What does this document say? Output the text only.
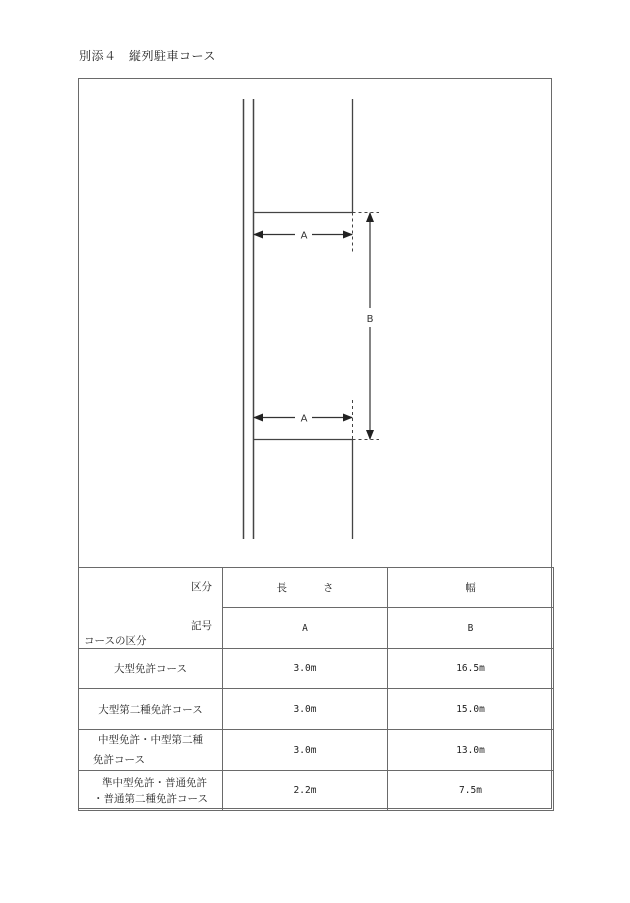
別添４　縦列駐車コース
A
A
B
区分
記号
コースの区分	長さ	幅
	A	B
大型免許コース	3.0m	16.5m
大型第二種免許コース	3.0m	15.0m

中型免許・中型第二種
免許コース	3.0m	13.0m

準中型免許・普通免許
・普通第二種免許コース	2.2m	7.5m
